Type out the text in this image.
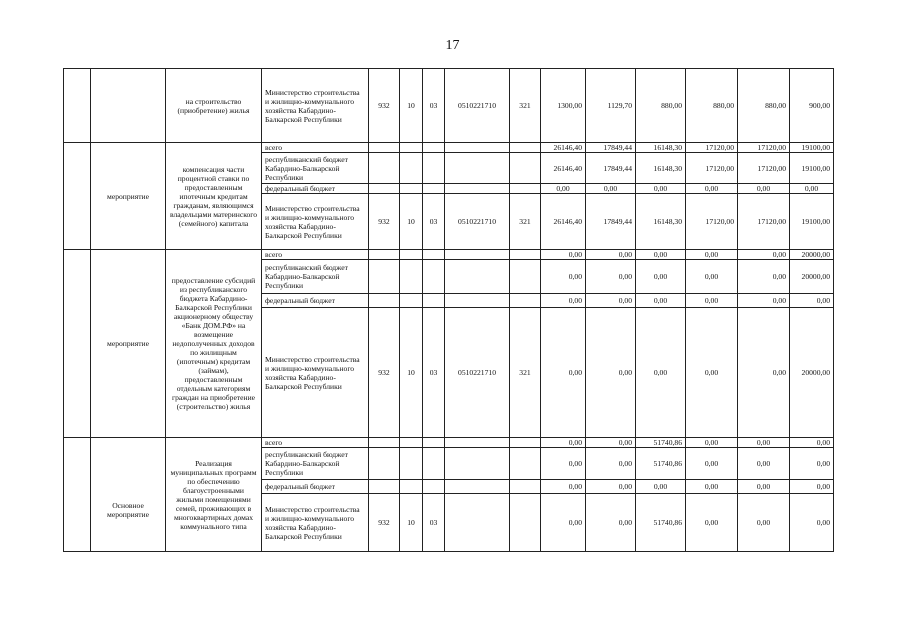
17
		на строительство (приобретение) жилья	Министерство строительства и жилищно-коммунального хозяйства Кабардино-Балкарской Республики	932	10	03	0510221710	321	1300,00	1129,70	880,00	880,00	880,00	900,00
	мероприятие	компенсация части процентной ставки по предоставленным ипотечным кредитам гражданам, являющимся владельцами материнского (семейного) капитала	всего						26146,40	17849,44	16148,30	17120,00	17120,00	19100,00
			республиканский бюджет Кабардино-Балкарской Республики						26146,40	17849,44	16148,30	17120,00	17120,00	19100,00
			федеральный бюджет						0,00	0,00	0,00	0,00	0,00	0,00
			Министерство строительства и жилищно-коммунального хозяйства Кабардино-Балкарской Республики	932	10	03	0510221710	321	26146,40	17849,44	16148,30	17120,00	17120,00	19100,00
	мероприятие	предоставление субсидий из республиканского бюджета Кабардино-Балкарской Республики акционерному обществу «Банк ДОМ.РФ» на возмещение недополученных доходов по жилищным (ипотечным) кредитам (займам), предоставленным отдельным категориям граждан на приобретение (строительство) жилья	всего						0,00	0,00	0,00	0,00	0,00	20000,00
			республиканский бюджет Кабардино-Балкарской Республики						0,00	0,00	0,00	0,00	0,00	20000,00
			федеральный бюджет						0,00	0,00	0,00	0,00	0,00	0,00
			Министерство строительства и жилищно-коммунального хозяйства Кабардино-Балкарской Республики	932	10	03	0510221710	321	0,00	0,00	0,00	0,00	0,00	20000,00
	Основное мероприятие	Реализация муниципальных программ по обеспечению благоустроенными жилыми помещениями семей, проживающих в многоквартирных домах коммунального типа	всего						0,00	0,00	51740,86	0,00	0,00	0,00
			республиканский бюджет Кабардино-Балкарской Республики						0,00	0,00	51740,86	0,00	0,00	0,00
			федеральный бюджет						0,00	0,00	0,00	0,00	0,00	0,00
			Министерство строительства и жилищно-коммунального хозяйства Кабардино-Балкарской Республики	932	10	03			0,00	0,00	51740,86	0,00	0,00	0,00
